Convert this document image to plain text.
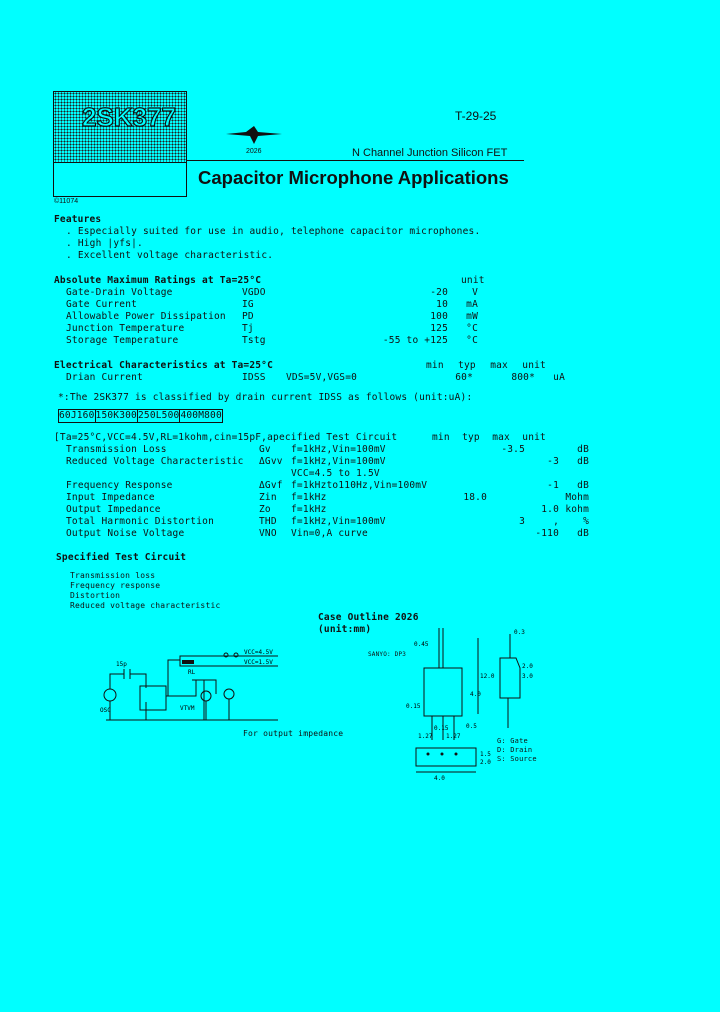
2SK377
©11074
T-29-25
2026	N Channel Junction Silicon FET
Capacitor Microphone Applications
Features
. Especially suited for use in audio, telephone capacitor microphones.
. High |yfs|.
. Excellent voltage characteristic.
Absolute Maximum Ratings at Ta=25°C	unit
Gate-Drain Voltage	VGDO	-20	V
Gate Current	IG	10	mA
Allowable Power Dissipation	PD	100	mW
Junction Temperature	Tj	125	°C
Storage Temperature	Tstg	-55 to +125	°C
Electrical Characteristics at Ta=25°C	min typ max unit
Drian Current	IDSS	VDS=5V,VGS=0	60*		800*	uA
*:The 2SK377 is classified by drain current IDSS as follows (unit:uA):
60	J	160	150	K	300	250	L	500	400	M	800
[Ta=25°C,VCC=4.5V,RL=1kohm,cin=15pF,apecified Test Circuit	min typ max unit
Transmission Loss	Gv	f=1kHz,Vin=100mV		-3.5		dB
Reduced Voltage Characteristic	ΔGvv	f=1kHz,Vin=100mV			-3	dB
		VCC=4.5 to 1.5V				
Frequency Response	ΔGvf	f=1kHzto110Hz,Vin=100mV			-1	dB
Input Impedance	Zin	f=1kHz	18.0			Mohm
Output Impedance	Zo	f=1kHz			1.0	kohm
Total Harmonic Distortion	THD	f=1kHz,Vin=100mV		3	,	%
Output Noise Voltage	VNO	Vin=0,A curve			-110	dB
Specified Test Circuit
Transmission loss
Frequency response
Distortion
Reduced voltage characteristic
OSC
15p
VTVM
VCC=4.5V
VCC=1.5V
RL
For output impedance
Case Outline 2026
(unit:mm)
SANYO: DP3
0.45
12.0
4.0
0.15
0.15
1.27 1.27
0.3
2.0
3.0
4.0
1.5
2.0
0.5
G: Gate
D: Drain
S: Source
